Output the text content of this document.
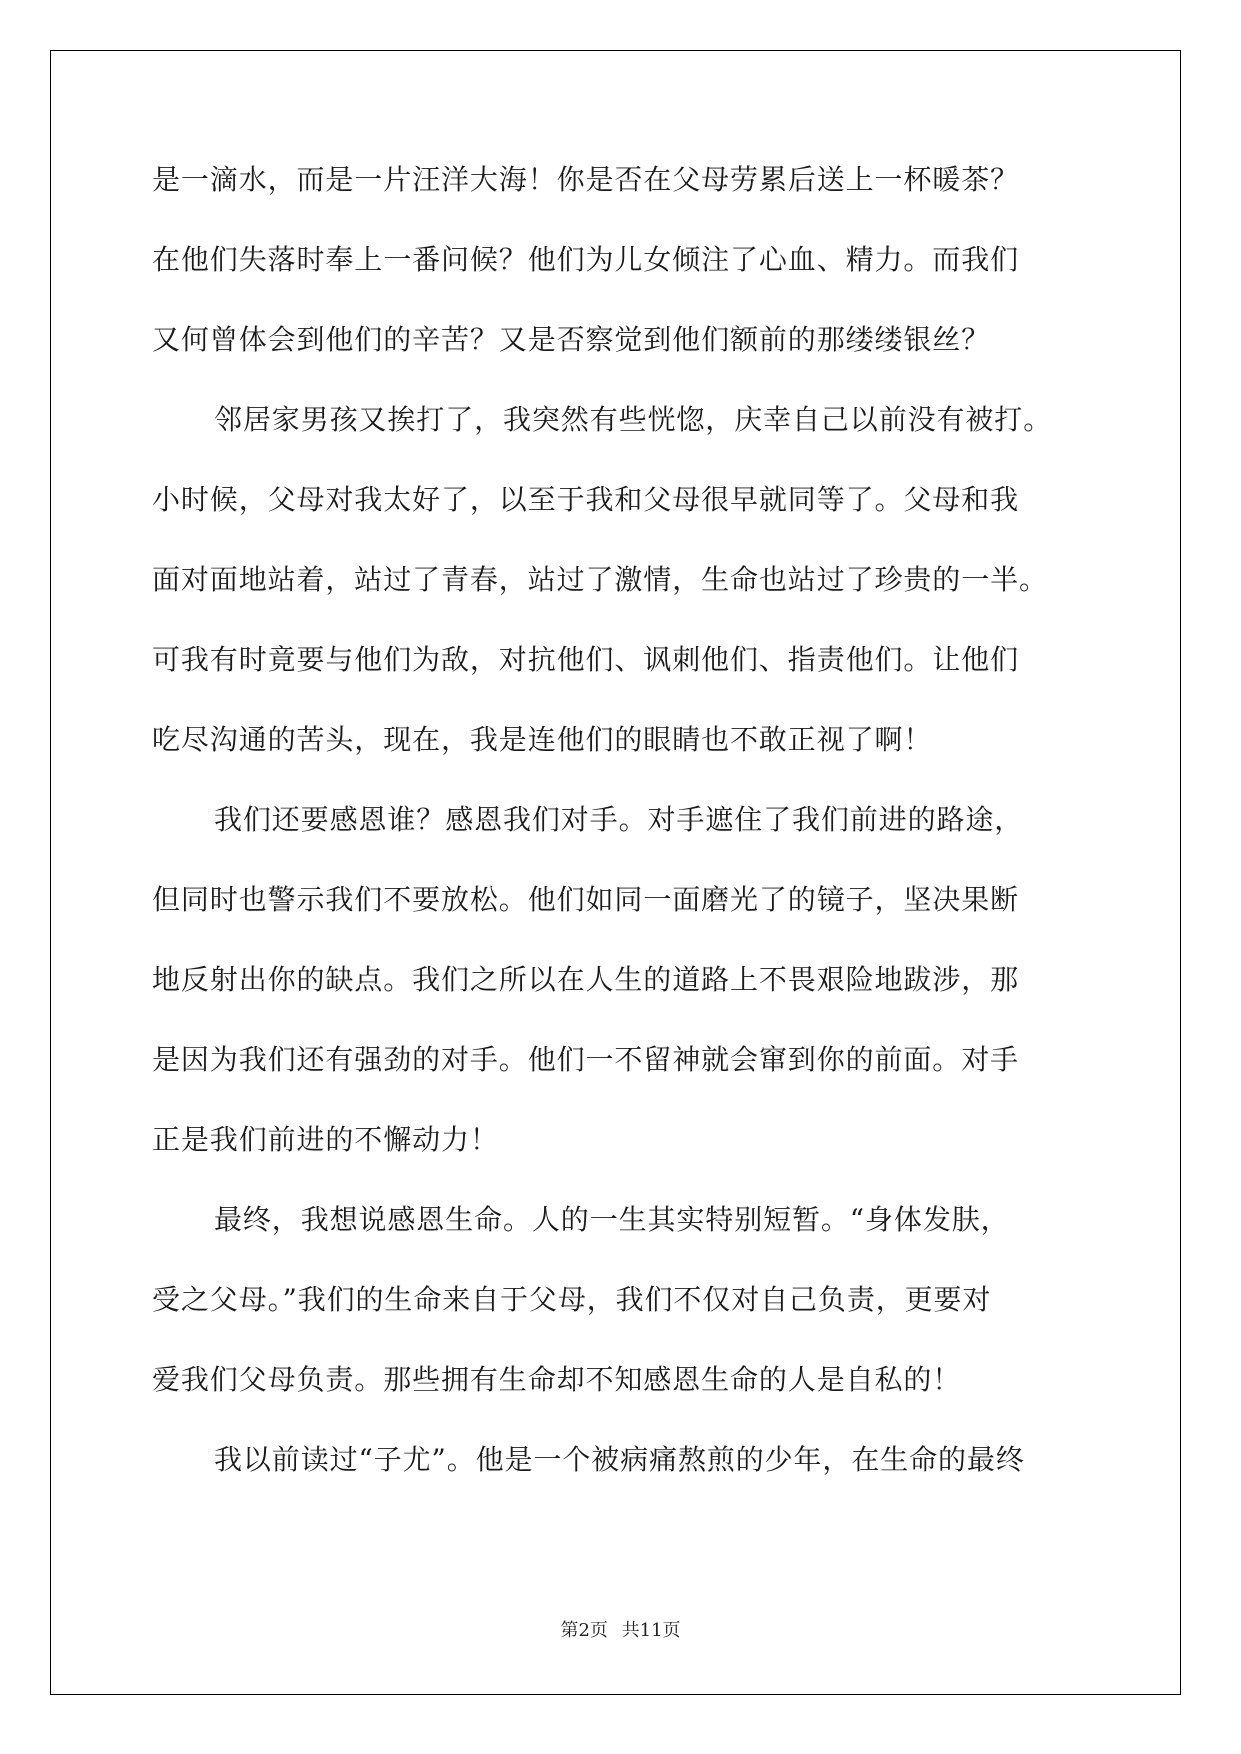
是一滴水，而是一片汪洋大海！你是否在父母劳累后送上一杯暖茶？
在他们失落时奉上一番问候？他们为儿女倾注了心血、精力。而我们
又何曾体会到他们的辛苦？又是否察觉到他们额前的那缕缕银丝？
邻居家男孩又挨打了，我突然有些恍惚，庆幸自己以前没有被打。
小时候，父母对我太好了，以至于我和父母很早就同等了。父母和我
面对面地站着，站过了青春，站过了激情，生命也站过了珍贵的一半。
可我有时竟要与他们为敌，对抗他们、讽刺他们、指责他们。让他们
吃尽沟通的苦头，现在，我是连他们的眼睛也不敢正视了啊！
我们还要感恩谁？感恩我们对手。对手遮住了我们前进的路途，
但同时也警示我们不要放松。他们如同一面磨光了的镜子，坚决果断
地反射出你的缺点。我们之所以在人生的道路上不畏艰险地跋涉，那
是因为我们还有强劲的对手。他们一不留神就会窜到你的前面。对手
正是我们前进的不懈动力！
最终，我想说感恩生命。人的一生其实特别短暂。“身体发肤，
受之父母。”我们的生命来自于父母，我们不仅对自己负责，更要对
爱我们父母负责。那些拥有生命却不知感恩生命的人是自私的！
我以前读过“子尤”。他是一个被病痛熬煎的少年，在生命的最终
第2页 共11页
